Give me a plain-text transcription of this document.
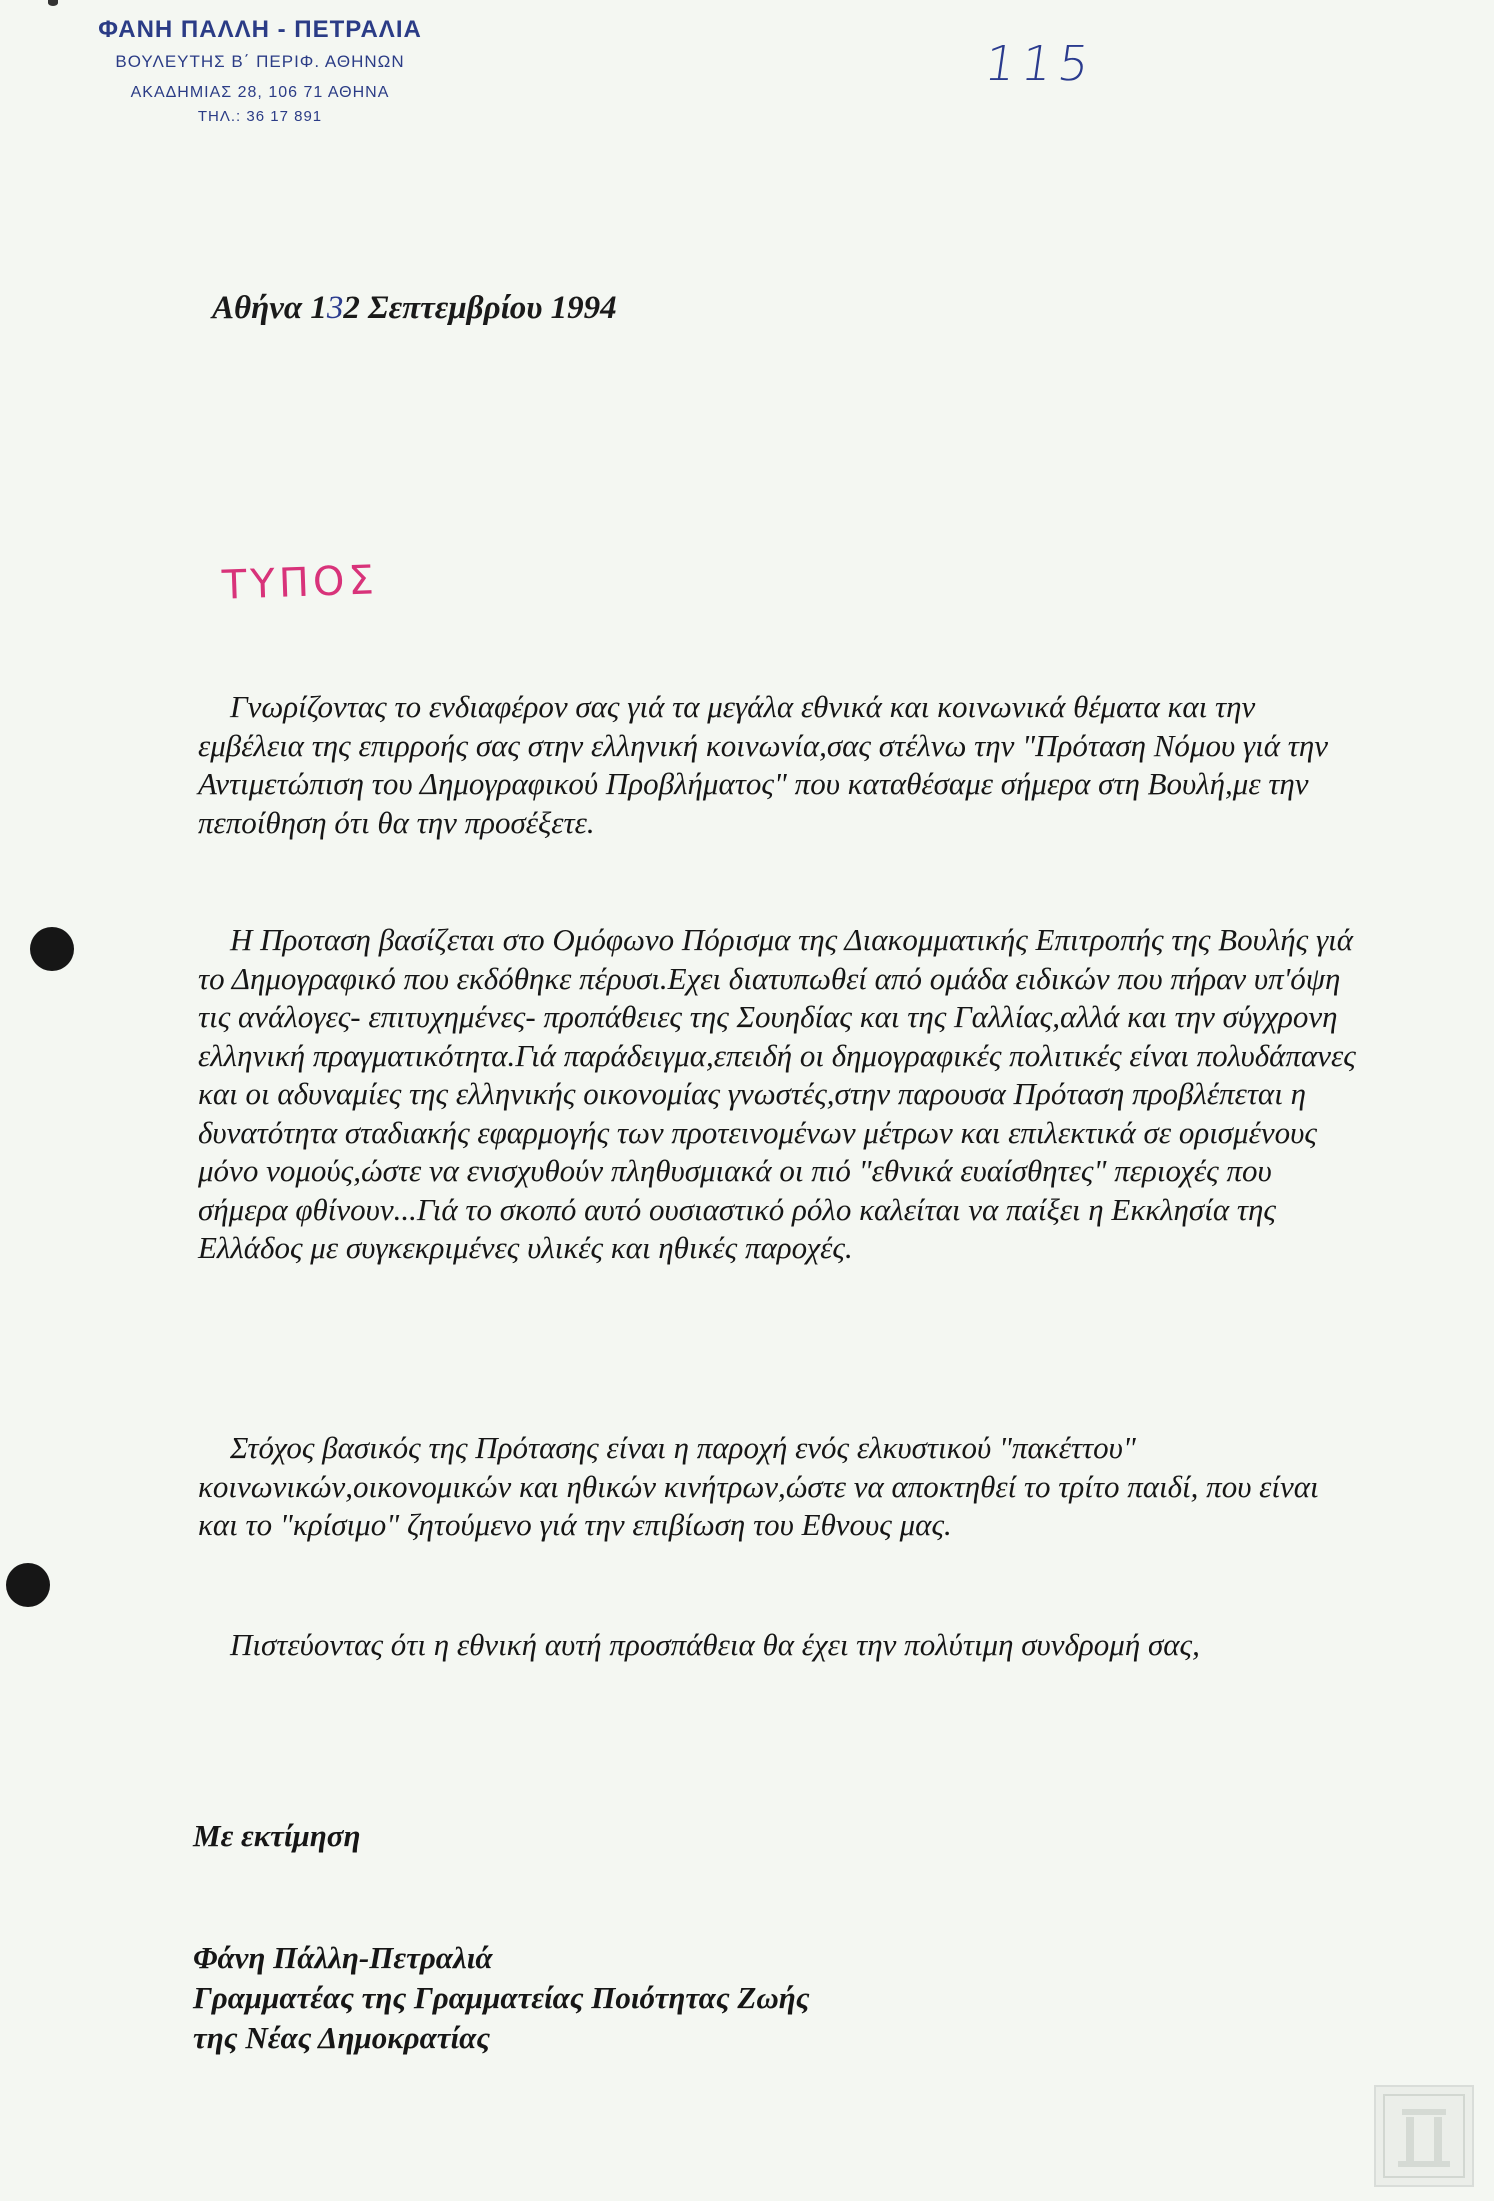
ΦΑΝΗ ΠΑΛΛΗ - ΠΕΤΡΑΛΙΑ
ΒΟΥΛΕΥΤΗΣ Β΄ ΠΕΡΙΦ. ΑΘΗΝΩΝ
ΑΚΑΔΗΜΙΑΣ 28, 106 71 ΑΘΗΝΑ
ΤΗΛ.: 36 17 891
115
Αθήνα 132 Σεπτεμβρίου 1994
ΤΥΠΟΣ

Γνωρίζοντας το ενδιαφέρον σας γιά τα μεγάλα εθνικά και κοινωνικά θέματα και την εμβέλεια της επιρροής σας στην ελληνική κοινωνία,σας στέλνω την "Πρόταση Νόμου γιά την Αντιμετώπιση του Δημογραφικού Προβλήματος" που καταθέσαμε σήμερα στη Βουλή,με την πεποίθηση ότι θα την προσέξετε.

Η Προταση βασίζεται στο Ομόφωνο Πόρισμα της Διακομματικής Επιτροπής της Βουλής γιά το Δημογραφικό που εκδόθηκε πέρυσι.Εχει διατυπωθεί από ομάδα ειδικών που πήραν υπ'όψη τις ανάλογες- επιτυχημένες- προπάθειες της Σουηδίας και της Γαλλίας,αλλά και την σύγχρονη ελληνική πραγματικότητα.Γιά παράδειγμα,επειδή οι δημογραφικές πολιτικές είναι πολυδάπανες και οι αδυναμίες της ελληνικής οικονομίας γνωστές,στην παρουσα Πρόταση προβλέπεται η δυνατότητα σταδιακής εφαρμογής των προτεινομένων μέτρων και επιλεκτικά σε ορισμένους μόνο νομούς,ώστε να ενισχυθούν πληθυσμιακά οι πιό "εθνικά ευαίσθητες" περιοχές που σήμερα φθίνουν...Γιά το σκοπό αυτό ουσιαστικό ρόλο καλείται να παίξει η Εκκλησία της Ελλάδος με συγκεκριμένες υλικές και ηθικές παροχές.

Στόχος βασικός της Πρότασης είναι η παροχή ενός ελκυστικού "πακέττου" κοινωνικών,οικονομικών και ηθικών κινήτρων,ώστε να αποκτηθεί το τρίτο παιδί, που είναι και το "κρίσιμο" ζητούμενο γιά την επιβίωση του Εθνους μας.

Πιστεύοντας ότι η εθνική αυτή προσπάθεια θα έχει την πολύτιμη συνδρομή σας,

Με εκτίμηση
Φάνη Πάλλη-Πετραλιά
Γραμματέας της Γραμματείας Ποιότητας Ζωής
της Νέας Δημοκρατίας
